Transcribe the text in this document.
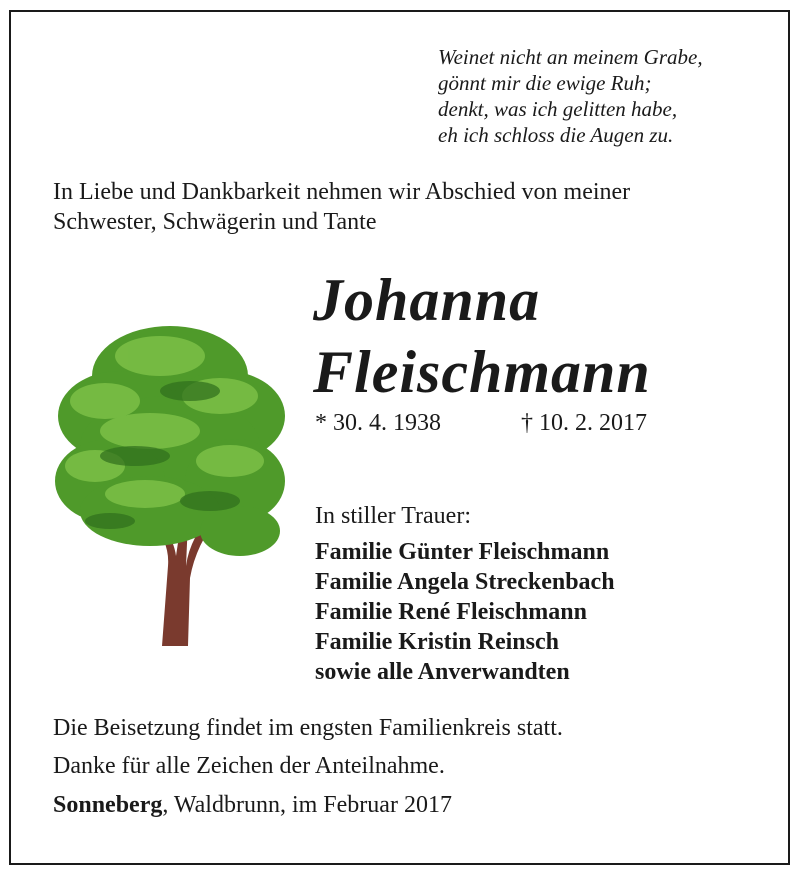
Weinet nicht an meinem Grabe,
gönnt mir die ewige Ruh;
denkt, was ich gelitten habe,
eh ich schloss die Augen zu.
In Liebe und Dankbarkeit nehmen wir Abschied von meiner
Schwester, Schwägerin und Tante
Johanna
Fleischmann
* 30. 4. 1938	† 10. 2. 2017
In stiller Trauer:
Familie Günter Fleischmann
Familie Angela Streckenbach
Familie René Fleischmann
Familie Kristin Reinsch
sowie alle Anverwandten
Die Beisetzung findet im engsten Familienkreis statt.
Danke für alle Zeichen der Anteilnahme.
Sonneberg, Waldbrunn, im Februar 2017
